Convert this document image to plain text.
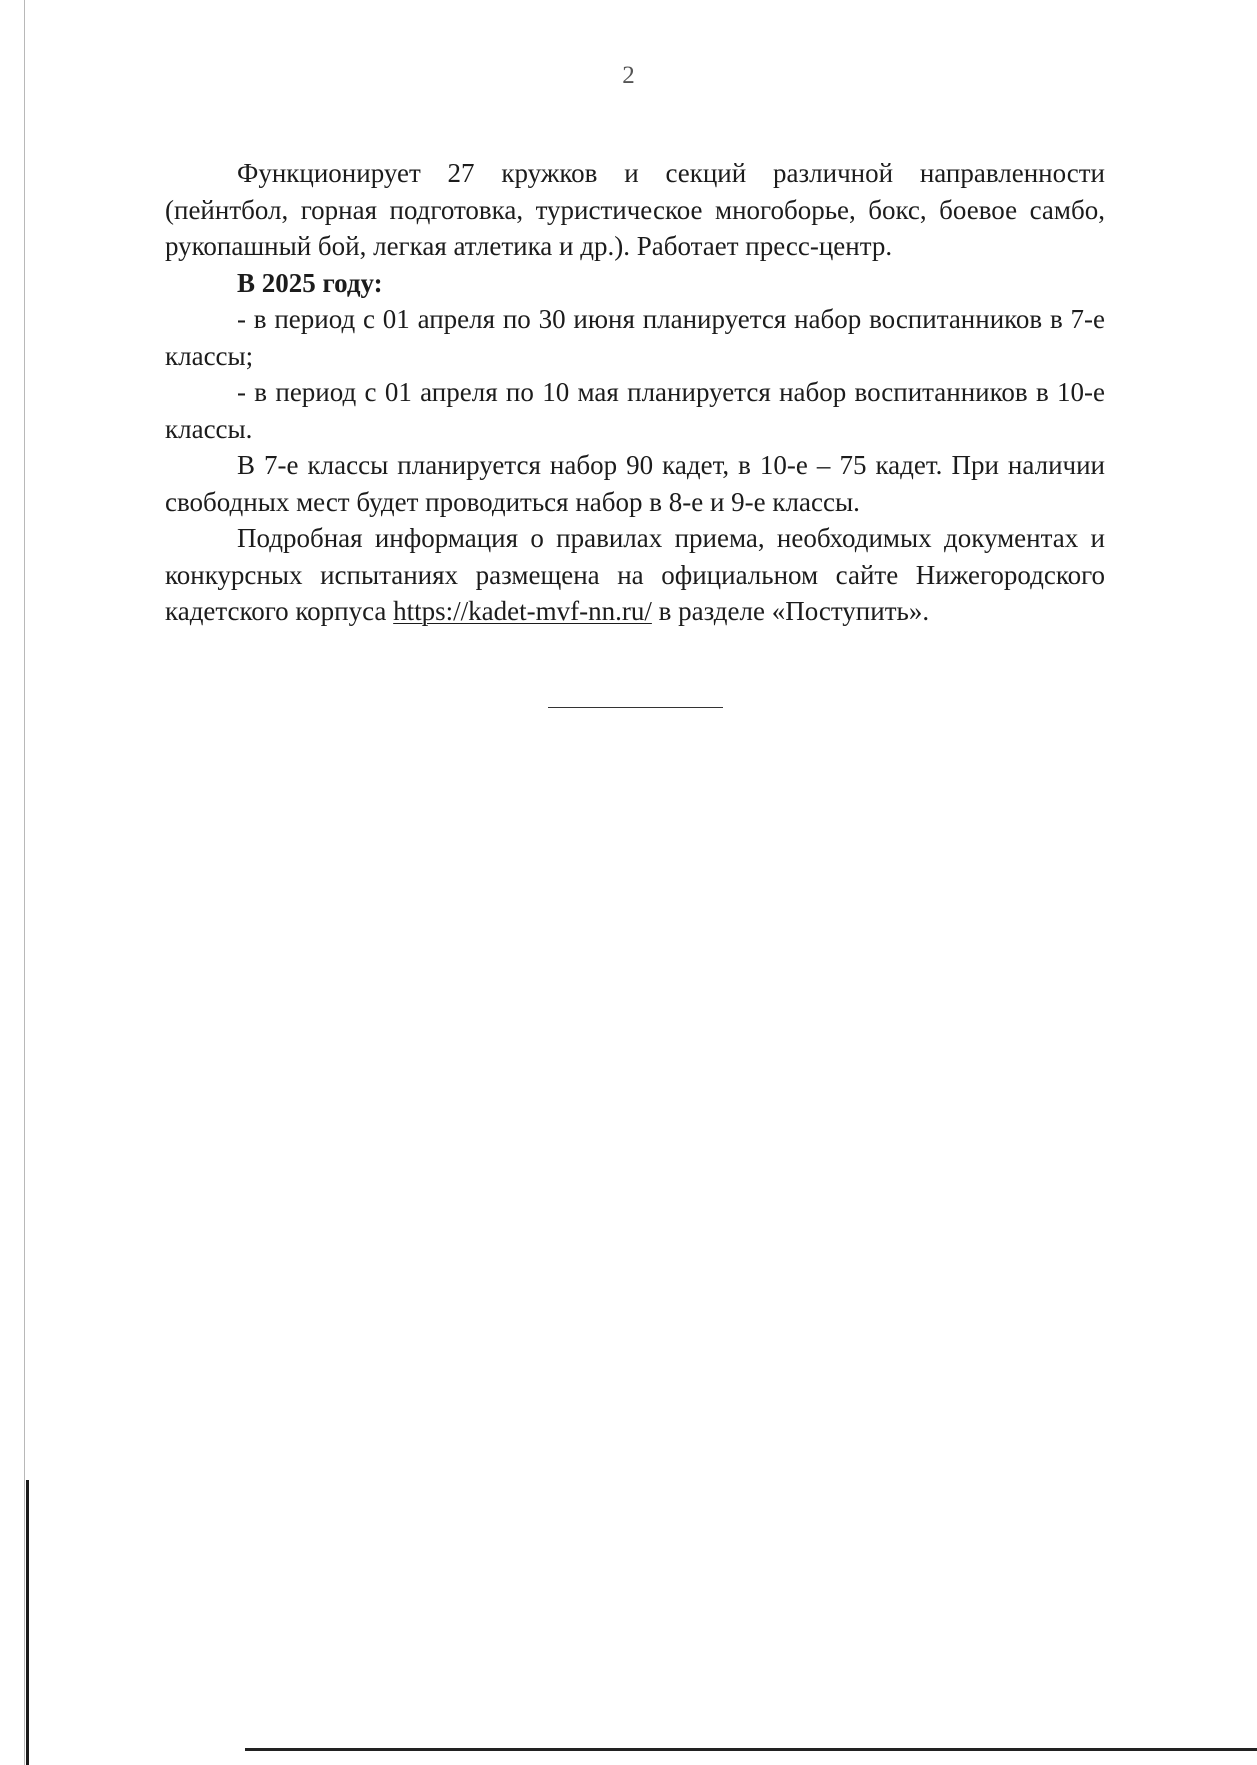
2

Функционирует 27 кружков и секций различной направленности (пейнтбол, горная подготовка, туристическое многоборье, бокс, боевое самбо, рукопашный бой, легкая атлетика и др.). Работает пресс-центр.

В 2025 году:

- в период с 01 апреля по 30 июня планируется набор воспитанников в 7-е классы;

- в период с 01 апреля по 10 мая планируется набор воспитанников в 10-е классы.

В 7-е классы планируется набор 90 кадет, в 10-е – 75 кадет. При наличии свободных мест будет проводиться набор в 8-е и 9-е классы.

Подробная информация о правилах приема, необходимых документах и конкурсных испытаниях размещена на официальном сайте Нижегородского кадетского корпуса https://kadet-mvf-nn.ru/ в разделе «Поступить».
